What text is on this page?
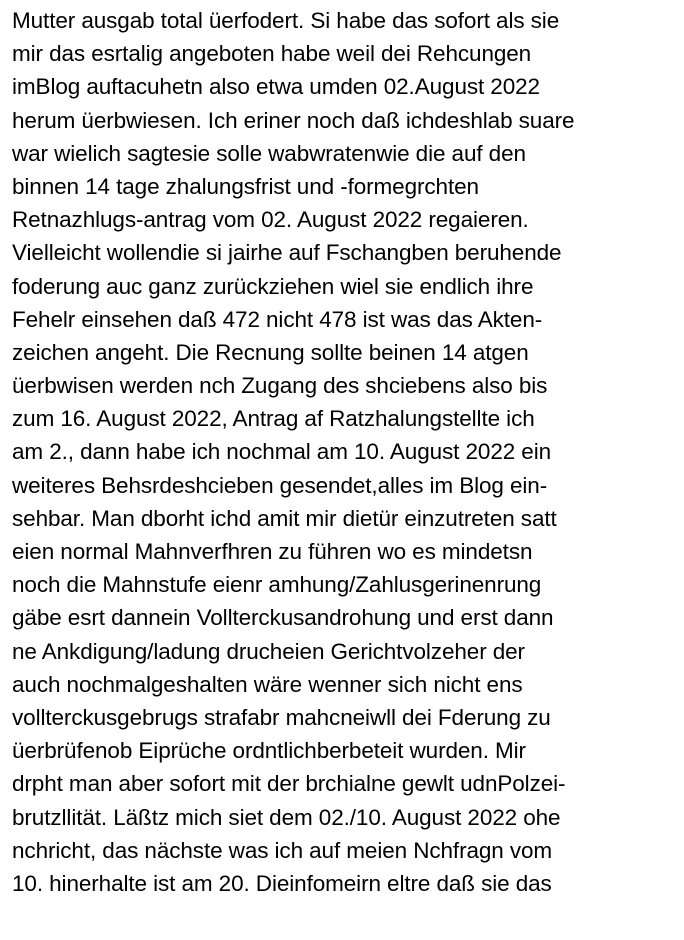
Mutter ausgab total üerfodert. Si habe das sofort als sie
mir das esrtalig angeboten habe weil dei Rehcungen
imBlog auftacuhetn also etwa umden 02.August 2022
herum üerbwiesen. Ich eriner noch daß ichdeshlab suare
war wielich sagtesie solle wabwratenwie die auf den
binnen 14 tage zhalungsfrist und -formegrchten
Retnazhlugs-antrag vom 02. August 2022 regaieren.
Vielleicht wollendie si jairhe auf Fschangben beruhende
foderung auc ganz zurückziehen wiel sie endlich ihre
Fehelr einsehen daß 472 nicht 478 ist was das Akten-
zeichen angeht. Die Recnung sollte beinen 14 atgen
üerbwisen werden nch Zugang des shciebens also bis
zum 16. August 2022, Antrag af Ratzhalungstellte ich
am 2., dann habe ich nochmal am 10. August 2022 ein
weiteres Behsrdeshcieben gesendet,alles im Blog ein-
sehbar. Man dborht ichd amit mir dietür einzutreten satt
eien normal Mahnverfhren zu führen wo es mindetsn
noch die Mahnstufe eienr amhung/Zahlusgerinenrung
gäbe esrt dannein Vollterckusandrohung und erst dann
ne Ankdigung/ladung drucheien Gerichtvolzeher der
auch nochmalgeshalten wäre wenner sich nicht ens
vollterckusgebrugs strafabr mahcneiwll dei Fderung zu
üerbrüfenob Eiprüche ordntlichberbeteit wurden. Mir
drpht man aber sofort mit der brchialne gewlt udnPolzei-
brutzllität. Läßtz mich siet dem 02./10. August 2022 ohe
nchricht, das nächste was ich auf meien Nchfragn vom
10. hinerhalte ist am 20. Dieinfomeirn eltre daß sie das
